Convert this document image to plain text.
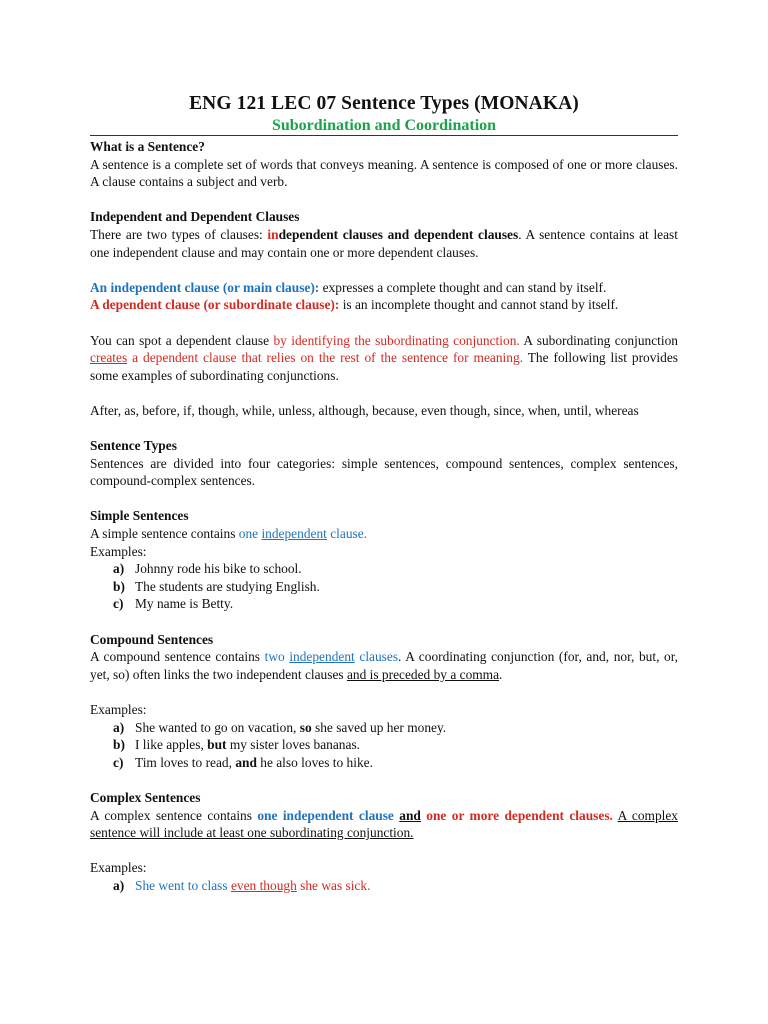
ENG 121 LEC 07 Sentence Types (MONAKA)
Subordination and Coordination

What is a Sentence?

A sentence is a complete set of words that conveys meaning. A sentence is composed of one or more clauses. A clause contains a subject and verb.

Independent and Dependent Clauses

There are two types of clauses: independent clauses and dependent clauses. A sentence contains at least one independent clause and may contain one or more dependent clauses.

An independent clause (or main clause): expresses a complete thought and can stand by itself.

A dependent clause (or subordinate clause): is an incomplete thought and cannot stand by itself.

You can spot a dependent clause by identifying the subordinating conjunction. A subordinating conjunction creates a dependent clause that relies on the rest of the sentence for meaning. The following list provides some examples of subordinating conjunctions.

After, as, before, if, though, while, unless, although, because, even though, since, when, until, whereas

Sentence Types

Sentences are divided into four categories: simple sentences, compound sentences, complex sentences, compound-complex sentences.

Simple Sentences

A simple sentence contains one independent clause.

Examples:

a) Johnny rode his bike to school.
b) The students are studying English.
c) My name is Betty.

Compound Sentences

A compound sentence contains two independent clauses. A coordinating conjunction (for, and, nor, but, or, yet, so) often links the two independent clauses and is preceded by a comma.

Examples:

a) She wanted to go on vacation, so she saved up her money.
b) I like apples, but my sister loves bananas.
c) Tim loves to read, and he also loves to hike.

Complex Sentences

A complex sentence contains one independent clause and one or more dependent clauses. A complex sentence will include at least one subordinating conjunction.

Examples:

a) She went to class even though she was sick.
